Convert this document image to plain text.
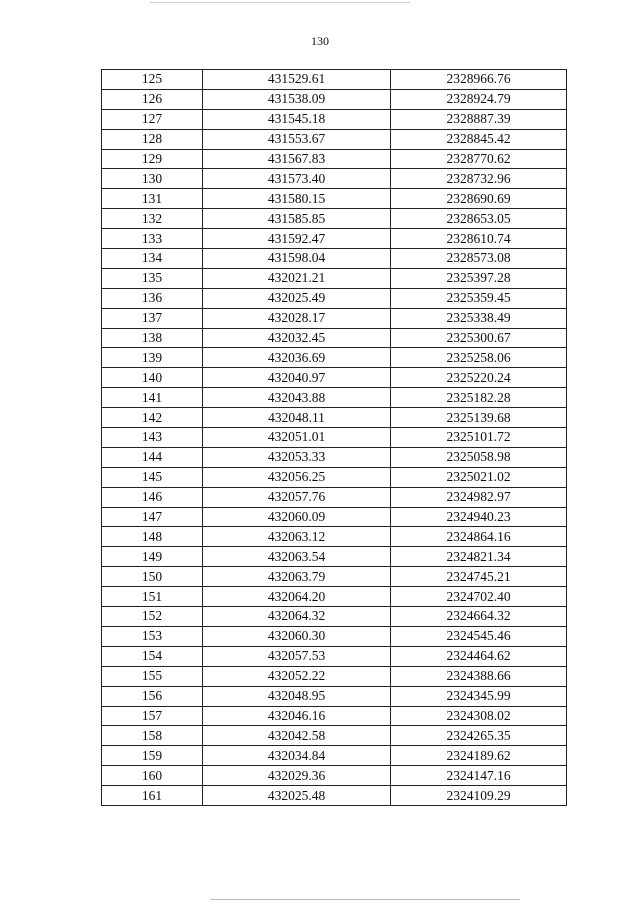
130
125	431529.61	2328966.76
126	431538.09	2328924.79
127	431545.18	2328887.39
128	431553.67	2328845.42
129	431567.83	2328770.62
130	431573.40	2328732.96
131	431580.15	2328690.69
132	431585.85	2328653.05
133	431592.47	2328610.74
134	431598.04	2328573.08
135	432021.21	2325397.28
136	432025.49	2325359.45
137	432028.17	2325338.49
138	432032.45	2325300.67
139	432036.69	2325258.06
140	432040.97	2325220.24
141	432043.88	2325182.28
142	432048.11	2325139.68
143	432051.01	2325101.72
144	432053.33	2325058.98
145	432056.25	2325021.02
146	432057.76	2324982.97
147	432060.09	2324940.23
148	432063.12	2324864.16
149	432063.54	2324821.34
150	432063.79	2324745.21
151	432064.20	2324702.40
152	432064.32	2324664.32
153	432060.30	2324545.46
154	432057.53	2324464.62
155	432052.22	2324388.66
156	432048.95	2324345.99
157	432046.16	2324308.02
158	432042.58	2324265.35
159	432034.84	2324189.62
160	432029.36	2324147.16
161	432025.48	2324109.29
